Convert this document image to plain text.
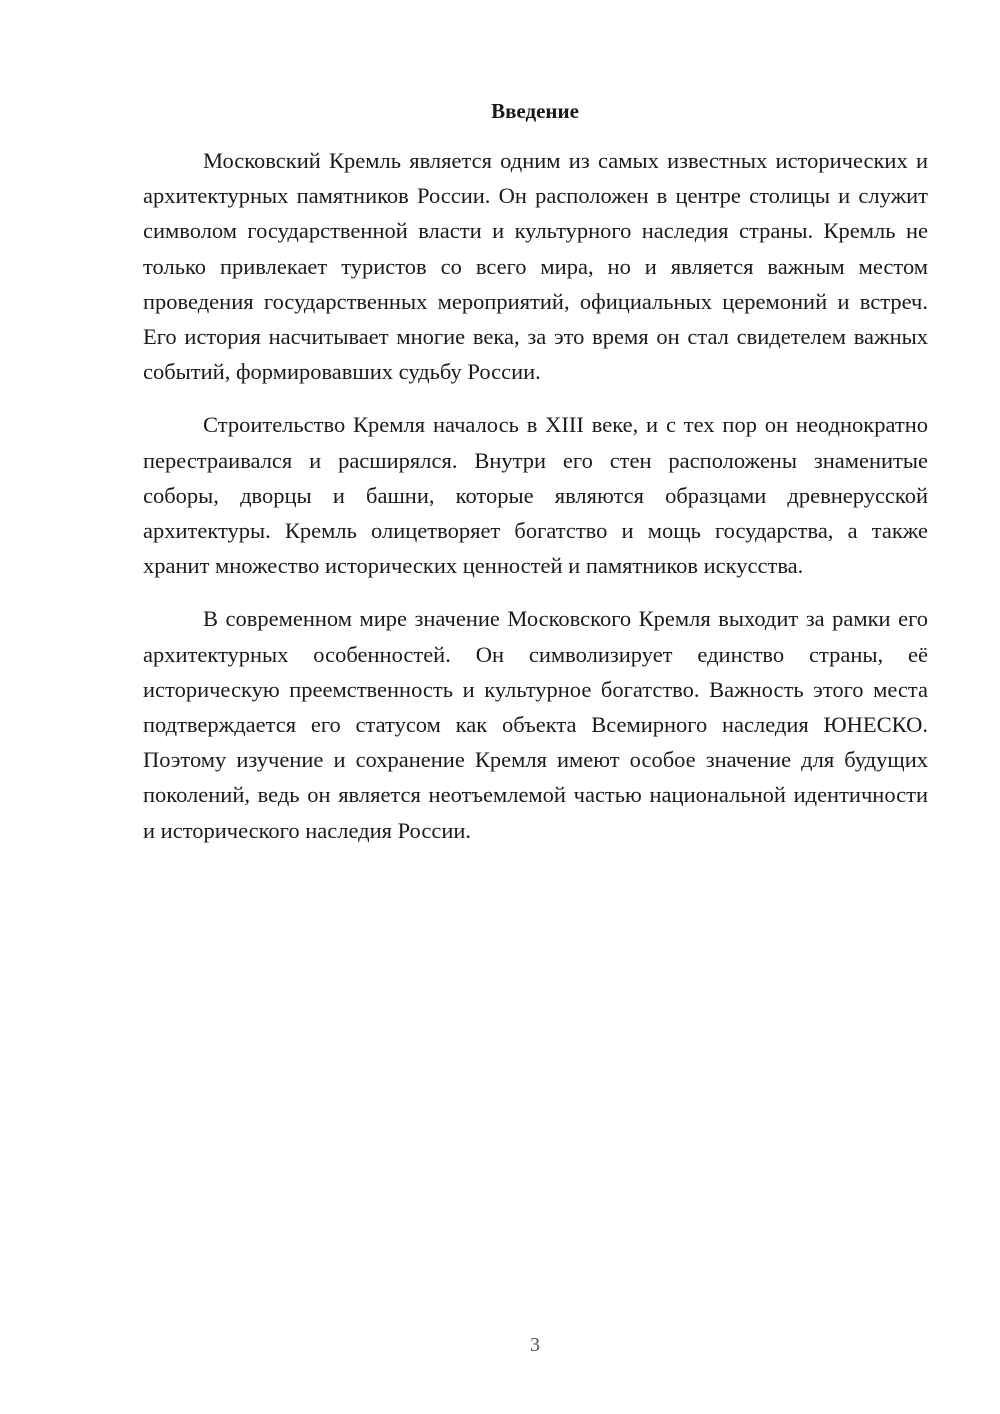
Введение

Московский Кремль является одним из самых известных исторических и архитектурных памятников России. Он расположен в центре столицы и служит символом государственной власти и культурного наследия страны. Кремль не только привлекает туристов со всего мира, но и является важным местом проведения государственных мероприятий, официальных церемоний и встреч. Его история насчитывает многие века, за это время он стал свидетелем важных событий, формировавших судьбу России.

Строительство Кремля началось в XIII веке, и с тех пор он неоднократно перестраивался и расширялся. Внутри его стен расположены знаменитые соборы, дворцы и башни, которые являются образцами древнерусской архитектуры. Кремль олицетворяет богатство и мощь государства, а также хранит множество исторических ценностей и памятников искусства.

В современном мире значение Московского Кремля выходит за рамки его архитектурных особенностей. Он символизирует единство страны, её историческую преемственность и культурное богатство. Важность этого места подтверждается его статусом как объекта Всемирного наследия ЮНЕСКО. Поэтому изучение и сохранение Кремля имеют особое значение для будущих поколений, ведь он является неотъемлемой частью национальной идентичности и исторического наследия России.

3
